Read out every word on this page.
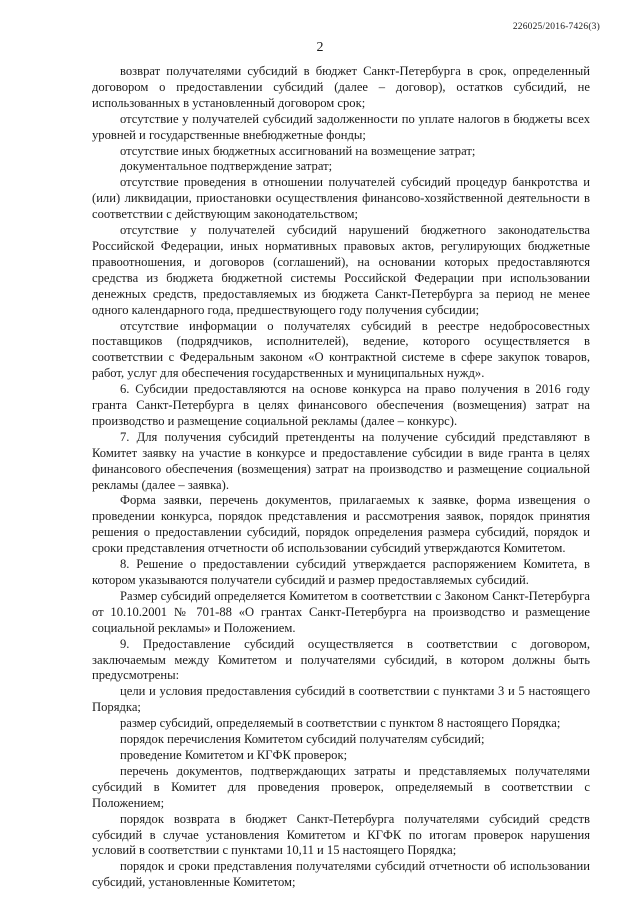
226025/2016-7426(3)
2

возврат получателями субсидий в бюджет Санкт-Петербурга в срок, определенный договором о предоставлении субсидий (далее – договор), остатков субсидий, не использованных в установленный договором срок;

отсутствие у получателей субсидий задолженности по уплате налогов в бюджеты всех уровней и государственные внебюджетные фонды;

отсутствие иных бюджетных ассигнований на возмещение затрат;

документальное подтверждение затрат;

отсутствие проведения в отношении получателей субсидий процедур банкротства и (или) ликвидации, приостановки осуществления финансово-хозяйственной деятельности в соответствии с действующим законодательством;

отсутствие у получателей субсидий нарушений бюджетного законодательства Российской Федерации, иных нормативных правовых актов, регулирующих бюджетные правоотношения, и договоров (соглашений), на основании которых предоставляются средства из бюджета бюджетной системы Российской Федерации при использовании денежных средств, предоставляемых из бюджета Санкт-Петербурга за период не менее одного календарного года, предшествующего году получения субсидии;

отсутствие информации о получателях субсидий в реестре недобросовестных поставщиков (подрядчиков, исполнителей), ведение, которого осуществляется в соответствии с Федеральным законом «О контрактной системе в сфере закупок товаров, работ, услуг для обеспечения государственных и муниципальных нужд».

6. Субсидии предоставляются на основе конкурса на право получения в 2016 году гранта Санкт-Петербурга в целях финансового обеспечения (возмещения) затрат на производство и размещение социальной рекламы (далее – конкурс).

7. Для получения субсидий претенденты на получение субсидий представляют в Комитет заявку на участие в конкурсе и предоставление субсидии в виде гранта в целях финансового обеспечения (возмещения) затрат на производство и размещение социальной рекламы (далее – заявка).

Форма заявки, перечень документов, прилагаемых к заявке, форма извещения о проведении конкурса, порядок представления и рассмотрения заявок, порядок принятия решения о предоставлении субсидий, порядок определения размера субсидий, порядок и сроки представления отчетности об использовании субсидий утверждаются Комитетом.

8. Решение о предоставлении субсидий утверждается распоряжением Комитета, в котором указываются получатели субсидий и размер предоставляемых субсидий.

Размер субсидий определяется Комитетом в соответствии с Законом Санкт-Петербурга от 10.10.2001 № 701-88 «О грантах Санкт-Петербурга на производство и размещение социальной рекламы» и Положением.

9. Предоставление субсидий осуществляется в соответствии с договором, заключаемым между Комитетом и получателями субсидий, в котором должны быть предусмотрены:

цели и условия предоставления субсидий в соответствии с пунктами 3 и 5 настоящего Порядка;

размер субсидий, определяемый в соответствии с пунктом 8 настоящего Порядка;

порядок перечисления Комитетом субсидий получателям субсидий;

проведение Комитетом и КГФК проверок;

перечень документов, подтверждающих затраты и представляемых получателями субсидий в Комитет для проведения проверок, определяемый в соответствии с Положением;

порядок возврата в бюджет Санкт-Петербурга получателями субсидий средств субсидий в случае установления Комитетом и КГФК по итогам проверок нарушения условий в соответствии с пунктами 10,11 и 15 настоящего Порядка;

порядок и сроки представления получателями субсидий отчетности об использовании субсидий, установленные Комитетом;
